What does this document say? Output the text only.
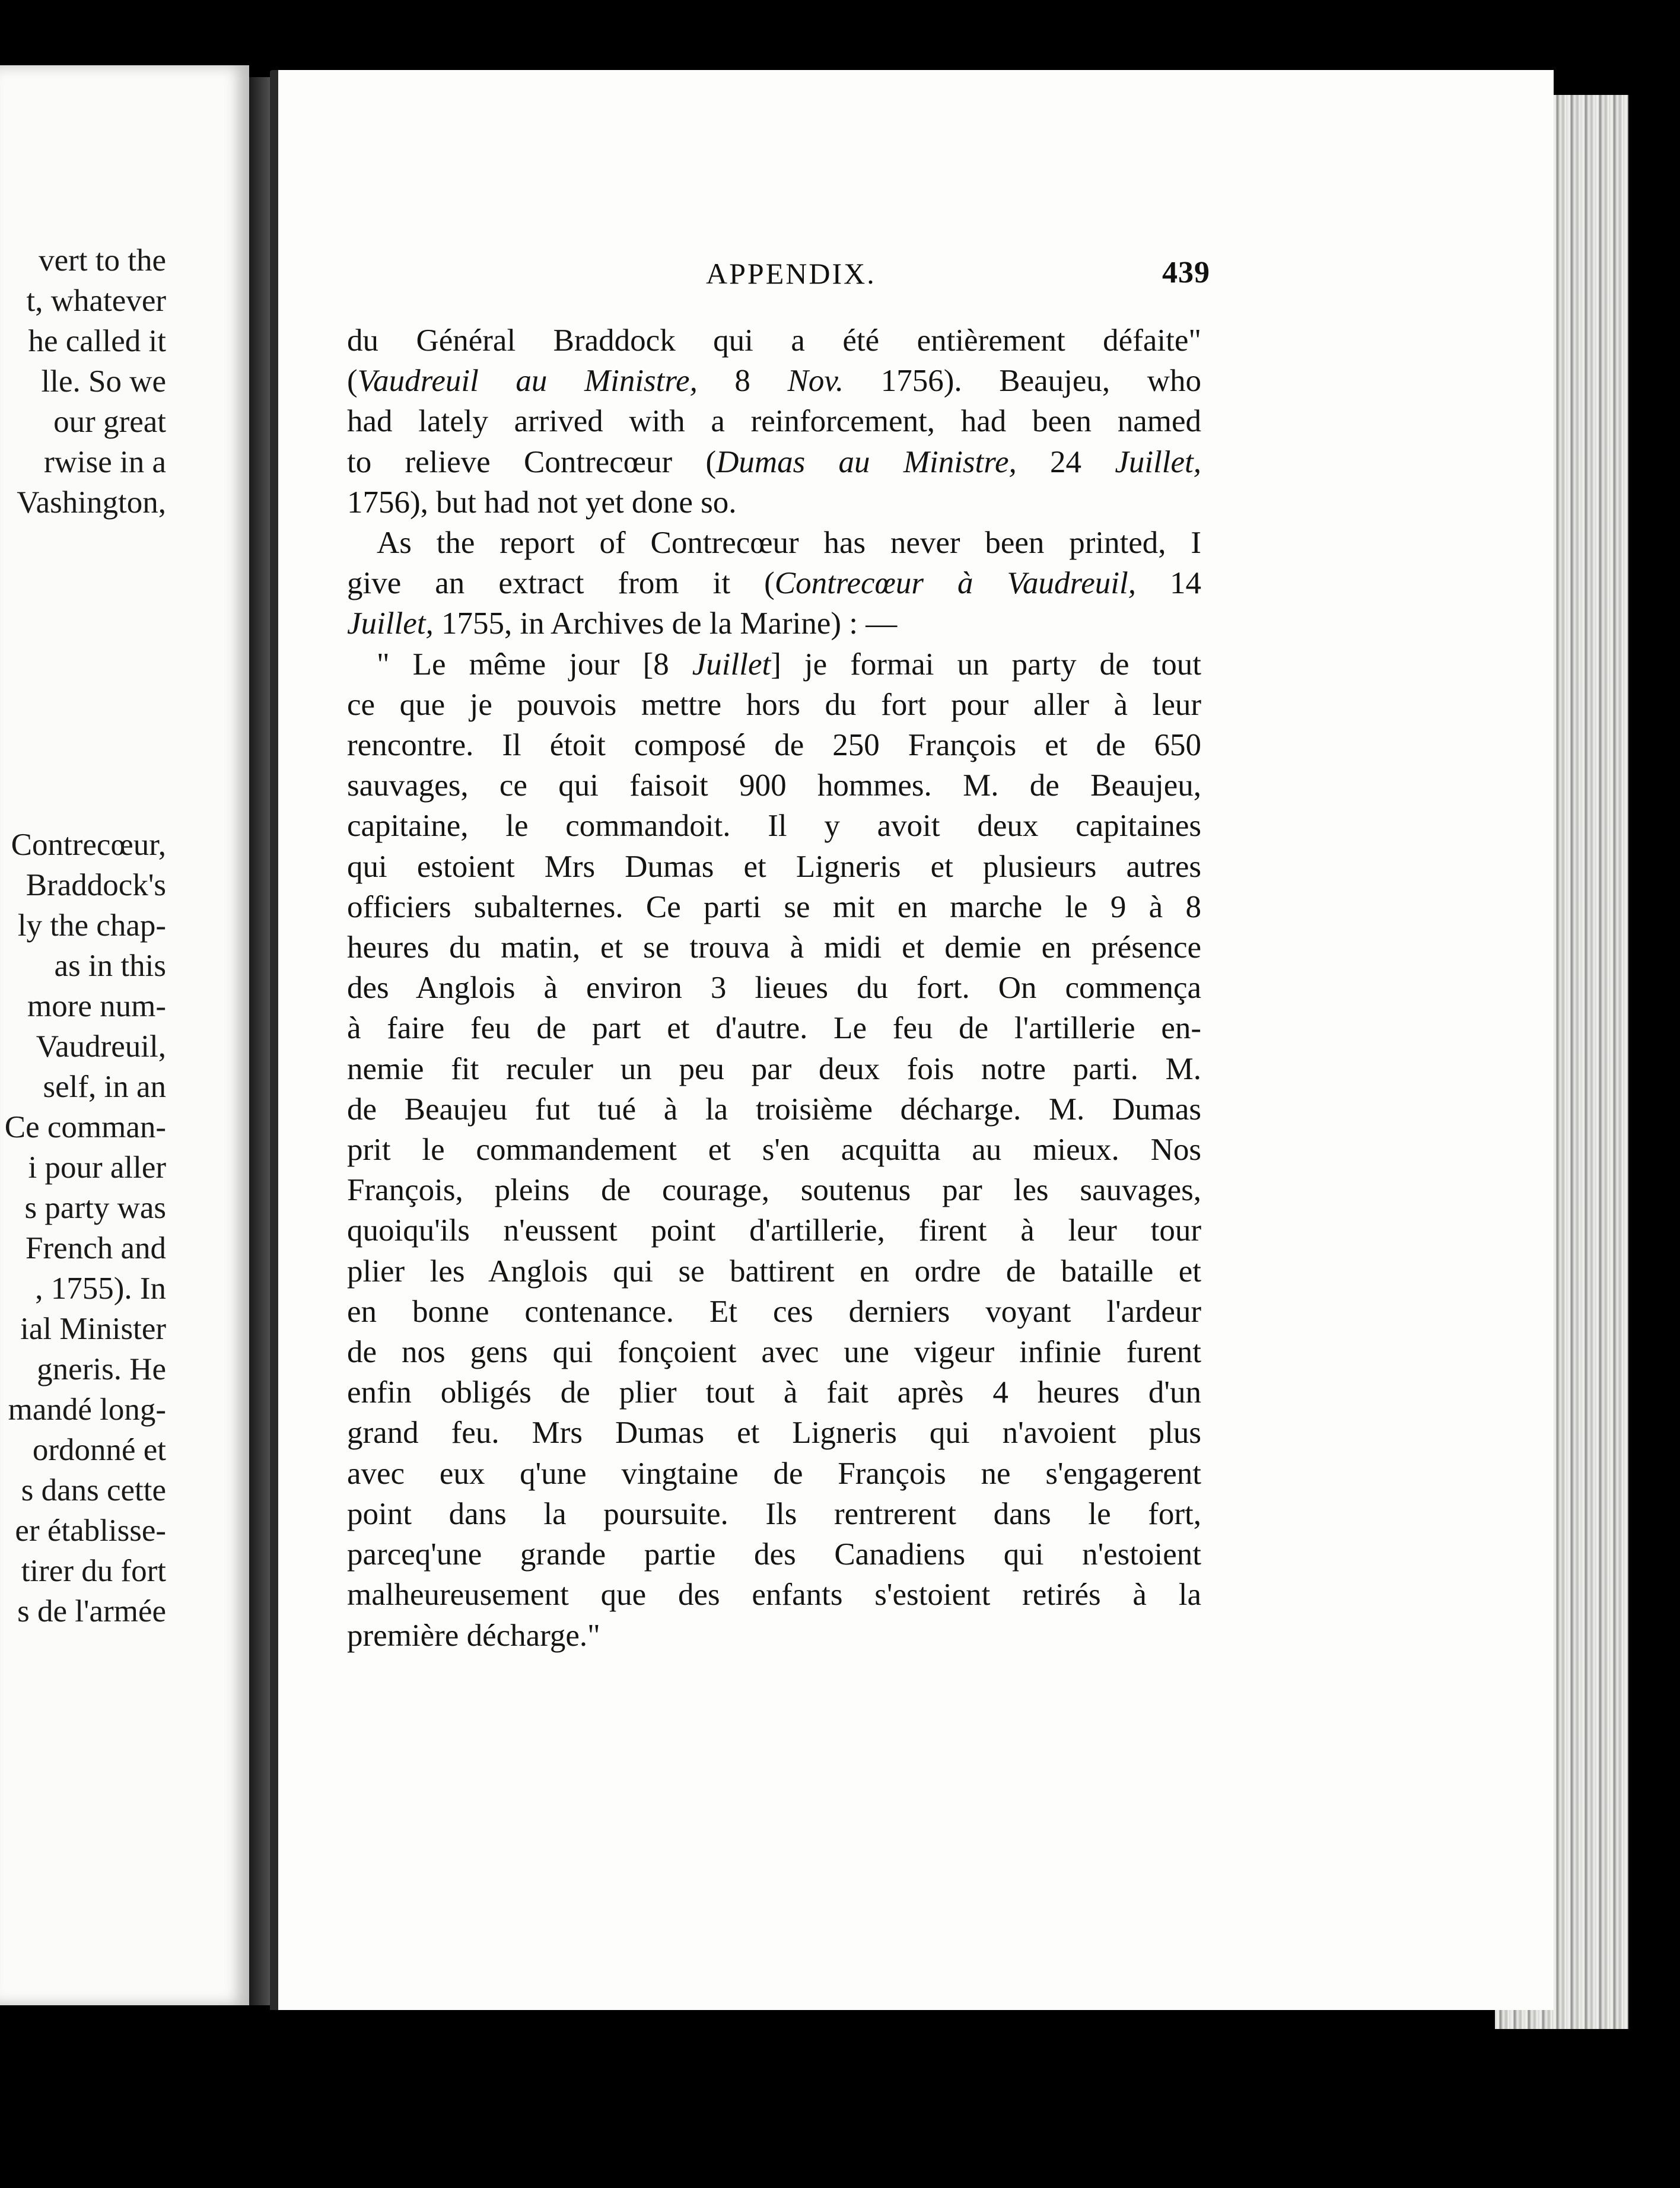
vert to the
t, whatever
he called it
lle. So we
our great
rwise in a
Vashington,
Contrecœur,
Braddock's
ly the chap-
as in this
more num-
Vaudreuil,
self, in an
Ce comman-
i pour aller
s party was
French and
, 1755). In
ial Minister
gneris. He
mandé long-
ordonné et
s dans cette
er établisse-
tirer du fort
s de l'armée
APPENDIX.	439

du Général Braddock qui a été entièrement défaite"

(Vaudreuil au Ministre, 8 Nov. 1756). Beaujeu, who

had lately arrived with a reinforcement, had been named

to relieve Contrecœur (Dumas au Ministre, 24 Juillet,

1756), but had not yet done so.

As the report of Contrecœur has never been printed, I

give an extract from it (Contrecœur à Vaudreuil, 14

Juillet, 1755, in Archives de la Marine) : —

" Le même jour [8 Juillet] je formai un party de tout

ce que je pouvois mettre hors du fort pour aller à leur

rencontre. Il étoit composé de 250 François et de 650

sauvages, ce qui faisoit 900 hommes. M. de Beaujeu,

capitaine, le commandoit. Il y avoit deux capitaines

qui estoient Mrs Dumas et Ligneris et plusieurs autres

officiers subalternes. Ce parti se mit en marche le 9 à 8

heures du matin, et se trouva à midi et demie en présence

des Anglois à environ 3 lieues du fort. On commença

à faire feu de part et d'autre. Le feu de l'artillerie en-

nemie fit reculer un peu par deux fois notre parti. M.

de Beaujeu fut tué à la troisième décharge. M. Dumas

prit le commandement et s'en acquitta au mieux. Nos

François, pleins de courage, soutenus par les sauvages,

quoiqu'ils n'eussent point d'artillerie, firent à leur tour

plier les Anglois qui se battirent en ordre de bataille et

en bonne contenance. Et ces derniers voyant l'ardeur

de nos gens qui fonçoient avec une vigeur infinie furent

enfin obligés de plier tout à fait après 4 heures d'un

grand feu. Mrs Dumas et Ligneris qui n'avoient plus

avec eux q'une vingtaine de François ne s'engagerent

point dans la poursuite. Ils rentrerent dans le fort,

parceq'une grande partie des Canadiens qui n'estoient

malheureusement que des enfants s'estoient retirés à la

première décharge."
